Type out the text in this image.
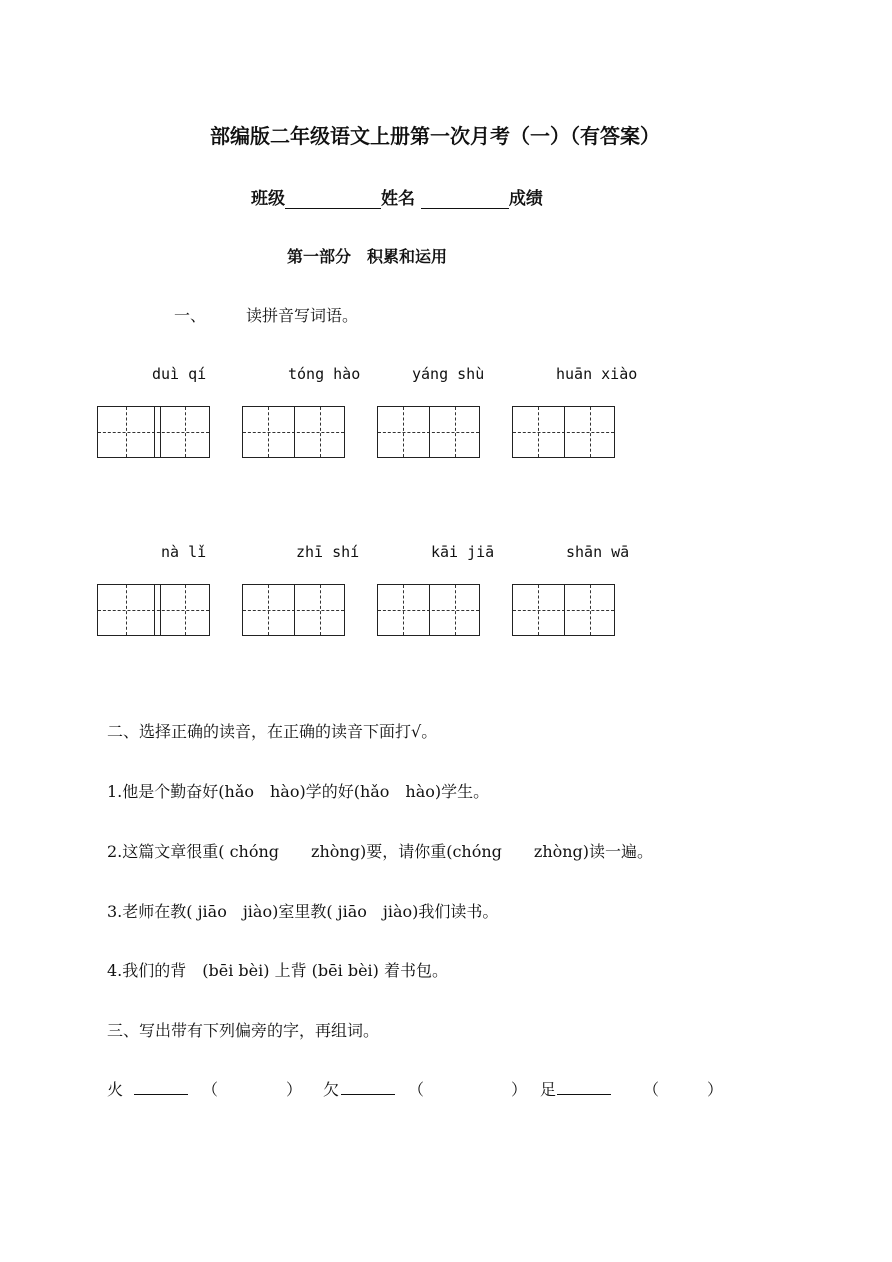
部编版二年级语文上册第一次月考（一）（有答案）
班级	姓名	成绩
第一部分　积累和运用
一、	读拼音写词语。
duì qí	tóng hào	yáng shù	huān xiào
nà lǐ	zhī shí	kāi jiā	shān wā
二、选择正确的读音，在正确的读音下面打√。
1.他是个勤奋好(hǎo　hào)学的好(hǎo　hào)学生。
2.这篇文章很重( chóng　　zhòng)要，请你重(chóng　　zhòng)读一遍。
3.老师在教( jiāo　jiào)室里教( jiāo　jiào)我们读书。
4.我们的背　(bēi bèi) 上背 (bēi bèi) 着书包。
三、写出带有下列偏旁的字，再组词。
火	（	） 欠	（	） 足	（	）
